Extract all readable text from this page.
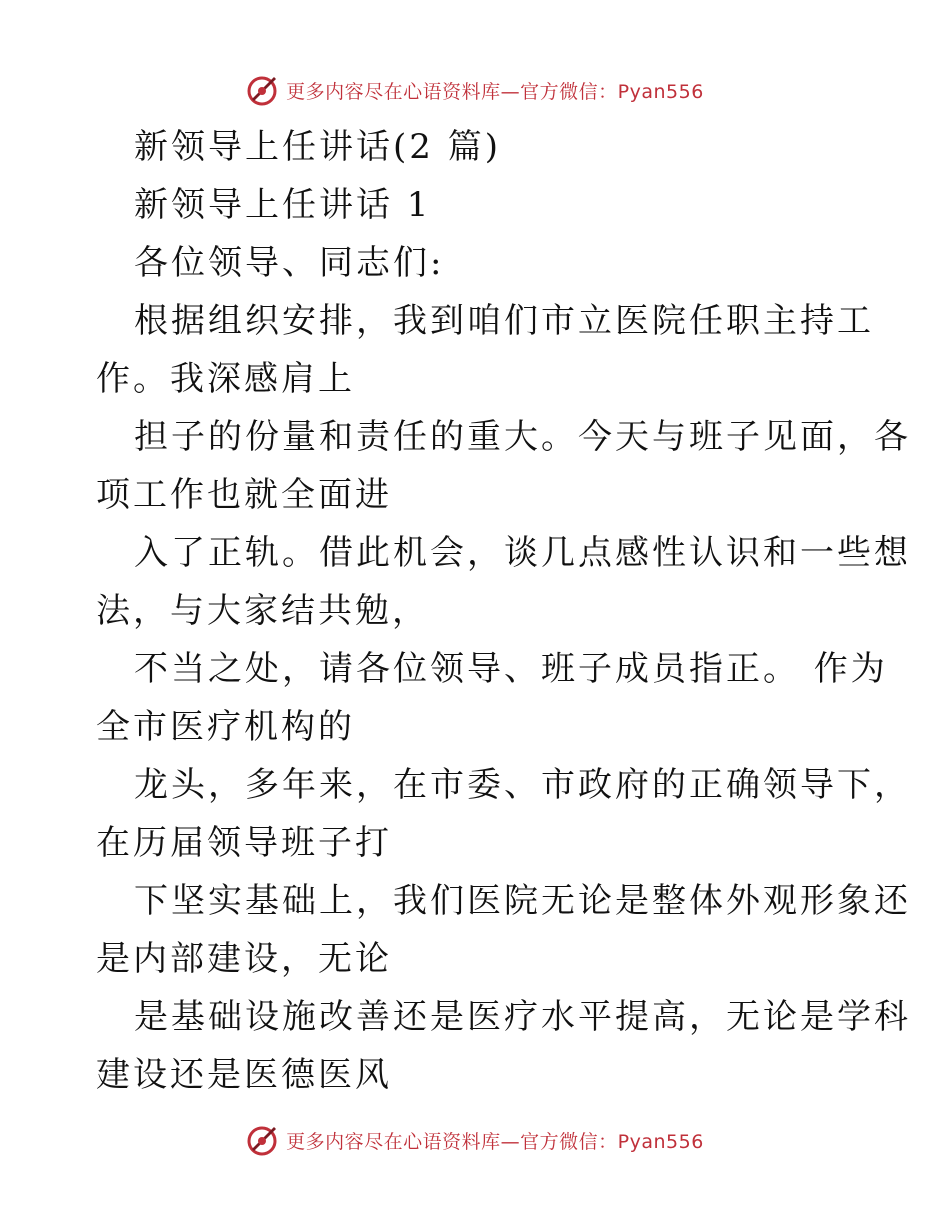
更多内容尽在心语资料库— 官方微信：Pyan556
新领导上任讲话(2 篇)
新领导上任讲话 1
各位领导、同志们:
根据组织安排，我到咱们市立医院任职主持工
作。我深感肩上
担子的份量和责任的重大。今天与班子见面，各
项工作也就全面进
入了正轨。借此机会，谈几点感性认识和一些想
法，与大家结共勉，
不当之处，请各位领导、班子成员指正。 作为
全市医疗机构的
龙头，多年来，在市委、市政府的正确领导下，
在历届领导班子打
下坚实基础上，我们医院无论是整体外观形象还
是内部建设，无论
是基础设施改善还是医疗水平提高，无论是学科
建设还是医德医风
更多内容尽在心语资料库— 官方微信：Pyan556
